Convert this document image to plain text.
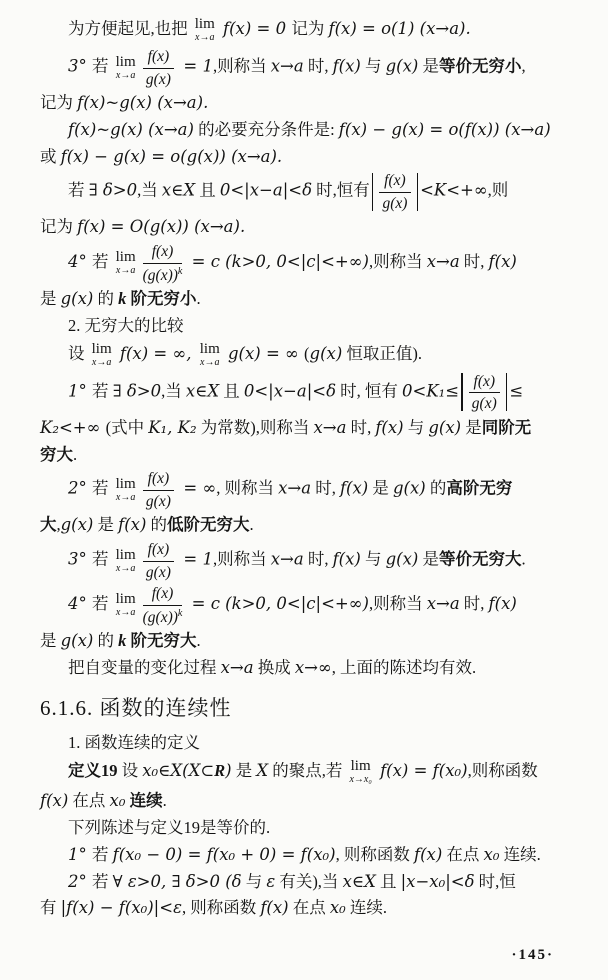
为方便起见,也把 lim
x→a f(x) = 0 记为 f(x) = o(1) (x→a).
3° 若 lim
$x\to a \frac{f(x)}{g(x)} = 1$,则称当 x→a 时, f(x) 与 g(x) 是等价无穷小,
记为 f(x)~g(x) (x→a).
f(x)~g(x) (x→a) 的必要充分条件是: f(x) − g(x) = o(f(x)) (x→a)
或 f(x) − g(x) = o(g(x)) (x→a).
若 ∃ δ>0,当 x∈X 且 0<|x−a|<δ 时,恒有 $\frac{f(x)}{g(x)} <K<+\infty$,则
记为 f(x) = O(g(x)) (x→a).
4° 若 lim
$x\to a \frac{f(x)}{(g(x))^k} = c$ (k>0, 0<|c|<+∞),则称当 x→a 时, f(x)
是 g(x) 的 k 阶无穷小.
2. 无穷大的比较
设 lim
x→a f(x) = ∞, lim
x→a g(x) = ∞ (g(x) 恒取正值).
1° 若 ∃ δ>0,当 x∈X 且 0<|x−a|<δ 时, 恒有 $0<K_1\le \frac{f(x)}{g(x)}$ ≤
K₂<+∞ (式中 K₁, K₂ 为常数),则称当 x→a 时, f(x) 与 g(x) 是同阶无
穷大.
2° 若 lim
$x\to a \frac{f(x)}{g(x)}$ = ∞, 则称当 x→a 时, f(x) 是 g(x) 的高阶无穷
大,g(x) 是 f(x) 的低阶无穷大.
3° 若 lim
$x\to a \frac{f(x)}{g(x)} = 1$,则称当 x→a 时, f(x) 与 g(x) 是等价无穷大.
4° 若 lim
$x\to a \frac{f(x)}{(g(x))^k} = c$ (k>0, 0<|c|<+∞),则称当 x→a 时, f(x)
是 g(x) 的 k 阶无穷大.
把自变量的变化过程 x→a 换成 x→∞, 上面的陈述均有效.
6.1.6. 函数的连续性
1. 函数连续的定义
定义19 设 x₀∈X(X⊂R) 是 X 的聚点,若 lim
x→x₀ f(x) = f(x₀),则称函数
f(x) 在点 x₀ 连续.
下列陈述与定义19是等价的.
1° 若 f(x₀ − 0) = f(x₀ + 0) = f(x₀), 则称函数 f(x) 在点 x₀ 连续.
2° 若 ∀ ε>0, ∃ δ>0 (δ 与 ε 有关),当 x∈X 且 |x−x₀|<δ 时,恒
有 |f(x) − f(x₀)|<ε, 则称函数 f(x) 在点 x₀ 连续.
·145·
